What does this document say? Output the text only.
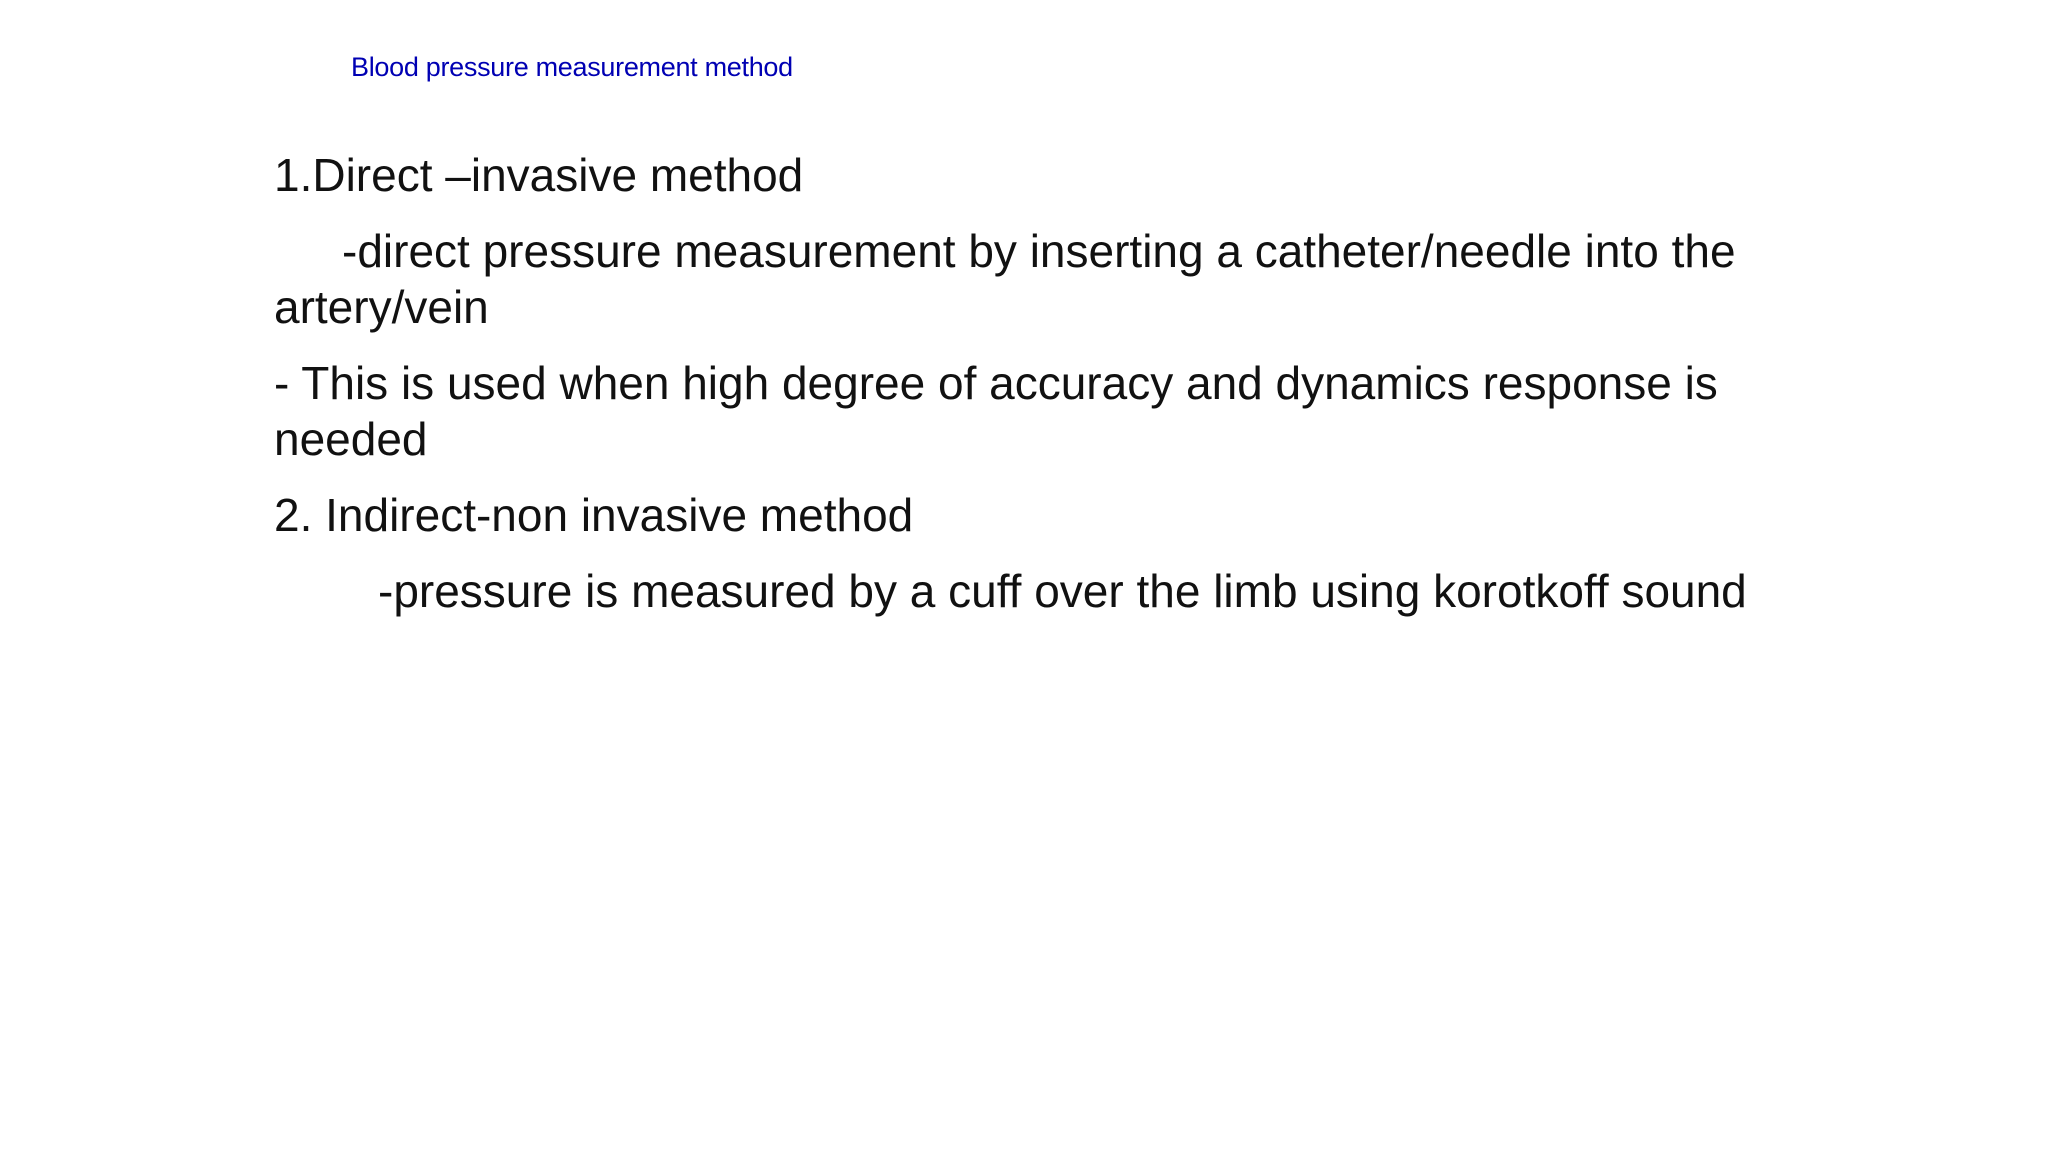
Blood pressure measurement method

1.Direct –invasive method

-direct pressure measurement by inserting a catheter/needle into the artery/vein

- This is used when high degree of accuracy and dynamics response is needed

2. Indirect-non invasive method

-pressure is measured by a cuff over the limb using korotkoff sound
